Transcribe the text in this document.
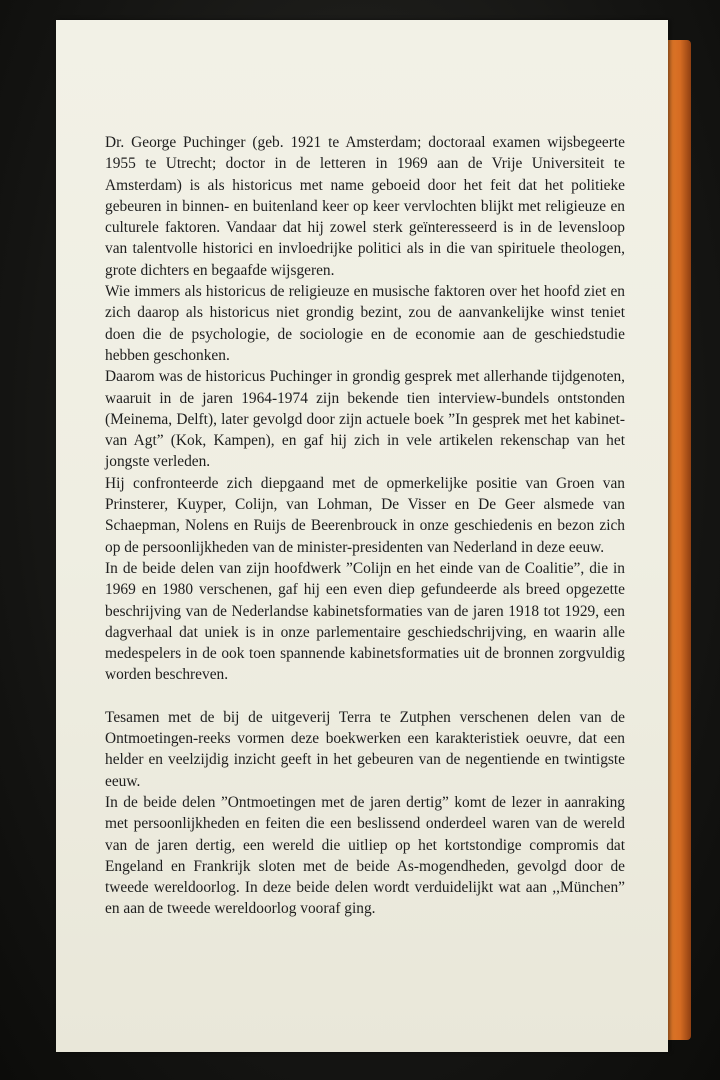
Dr. George Puchinger (geb. 1921 te Amsterdam; doctoraal examen wijsbegeerte 1955 te Utrecht; doctor in de letteren in 1969 aan de Vrije Universiteit te Amsterdam) is als historicus met name geboeid door het feit dat het politieke gebeuren in binnen- en buitenland keer op keer vervlochten blijkt met religieuze en culturele faktoren. Vandaar dat hij zowel sterk geïnteresseerd is in de levensloop van talentvolle historici en invloedrijke politici als in die van spirituele theologen, grote dichters en begaafde wijsgeren.

Wie immers als historicus de religieuze en musische faktoren over het hoofd ziet en zich daarop als historicus niet grondig bezint, zou de aanvankelijke winst teniet doen die de psychologie, de sociologie en de economie aan de geschiedstudie hebben geschonken.

Daarom was de historicus Puchinger in grondig gesprek met allerhande tijdgenoten, waaruit in de jaren 1964-1974 zijn bekende tien interview-bundels ontstonden (Meinema, Delft), later gevolgd door zijn actuele boek ”In gesprek met het kabinet-van Agt” (Kok, Kampen), en gaf hij zich in vele artikelen rekenschap van het jongste verleden.

Hij confronteerde zich diepgaand met de opmerkelijke positie van Groen van Prinsterer, Kuyper, Colijn, van Lohman, De Visser en De Geer alsmede van Schaepman, Nolens en Ruijs de Beerenbrouck in onze geschiedenis en bezon zich op de persoonlijkheden van de minister-presidenten van Nederland in deze eeuw.

In de beide delen van zijn hoofdwerk ”Colijn en het einde van de Coalitie”, die in 1969 en 1980 verschenen, gaf hij een even diep gefundeerde als breed opgezette beschrijving van de Nederlandse kabinetsformaties van de jaren 1918 tot 1929, een dagverhaal dat uniek is in onze parlementaire geschiedschrijving, en waarin alle medespelers in de ook toen spannende kabinetsformaties uit de bronnen zorgvuldig worden beschreven.

Tesamen met de bij de uitgeverij Terra te Zutphen verschenen delen van de Ontmoetingen-reeks vormen deze boekwerken een karakteristiek oeuvre, dat een helder en veelzijdig inzicht geeft in het gebeuren van de negentiende en twintigste eeuw.

In de beide delen ”Ontmoetingen met de jaren dertig” komt de lezer in aanraking met persoonlijkheden en feiten die een beslissend onderdeel waren van de wereld van de jaren dertig, een wereld die uitliep op het kortstondige compromis dat Engeland en Frankrijk sloten met de beide As-mogendheden, gevolgd door de tweede wereldoorlog. In deze beide delen wordt verduidelijkt wat aan ,,München” en aan de tweede wereldoorlog vooraf ging.
